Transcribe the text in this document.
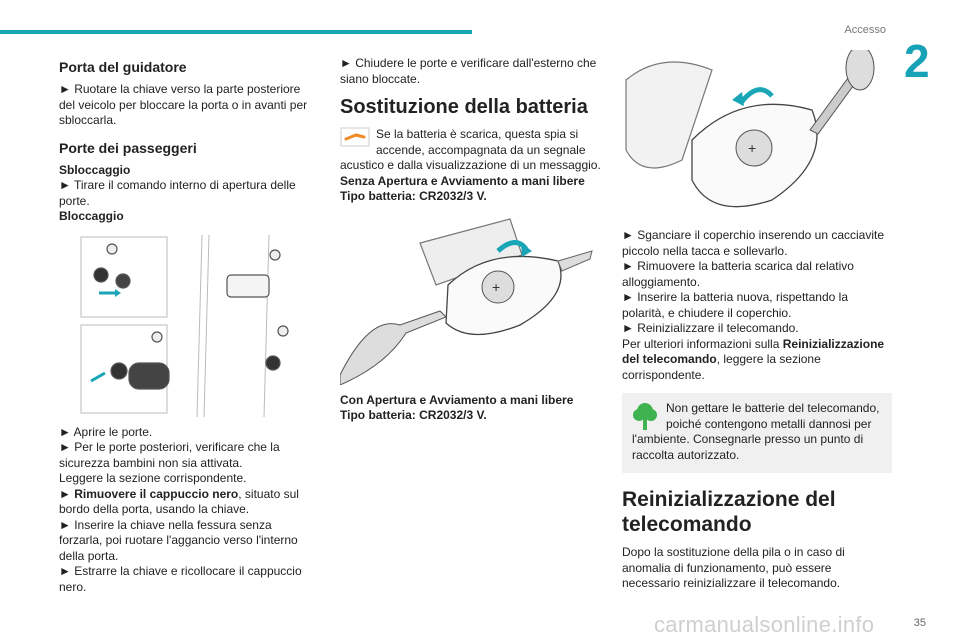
Accesso
2
Porta del guidatore

► Ruotare la chiave verso la parte posteriore del veicolo per bloccare la porta o in avanti per sbloccarla.

Porte dei passeggeri

Sbloccaggio

► Tirare il comando interno di apertura delle porte.

Bloccaggio

► Aprire le porte.

► Per le porte posteriori, verificare che la sicurezza bambini non sia attivata.

Leggere la sezione corrispondente.

► Rimuovere il cappuccio nero, situato sul bordo della porta, usando la chiave.

► Inserire la chiave nella fessura senza forzarla, poi ruotare l'aggancio verso l'interno della porta.

► Estrarre la chiave e ricollocare il cappuccio nero.

► Chiudere le porte e verificare dall'esterno che siano bloccate.

Sostituzione della batteria

Se la batteria è scarica, questa spia si accende, accompagnata da un segnale acustico e dalla visualizzazione di un messaggio.

Senza Apertura e Avviamento a mani libere

Tipo batteria: CR2032/3 V.

+

Con Apertura e Avviamento a mani libere

Tipo batteria: CR2032/3 V.

+

► Sganciare il coperchio inserendo un cacciavite piccolo nella tacca e sollevarlo.

► Rimuovere la batteria scarica dal relativo alloggiamento.

► Inserire la batteria nuova, rispettando la polarità, e chiudere il coperchio.

► Reinizializzare il telecomando.

Per ulteriori informazioni sulla Reinizializzazione del telecomando, leggere la sezione corrispondente.

Non gettare le batterie del telecomando, poiché contengono metalli dannosi per l'ambiente. Consegnarle presso un punto di raccolta autorizzato.

Reinizializzazione del telecomando

Dopo la sostituzione della pila o in caso di anomalia di funzionamento, può essere necessario reinizializzare il telecomando.

carmanualsonline.info	35
